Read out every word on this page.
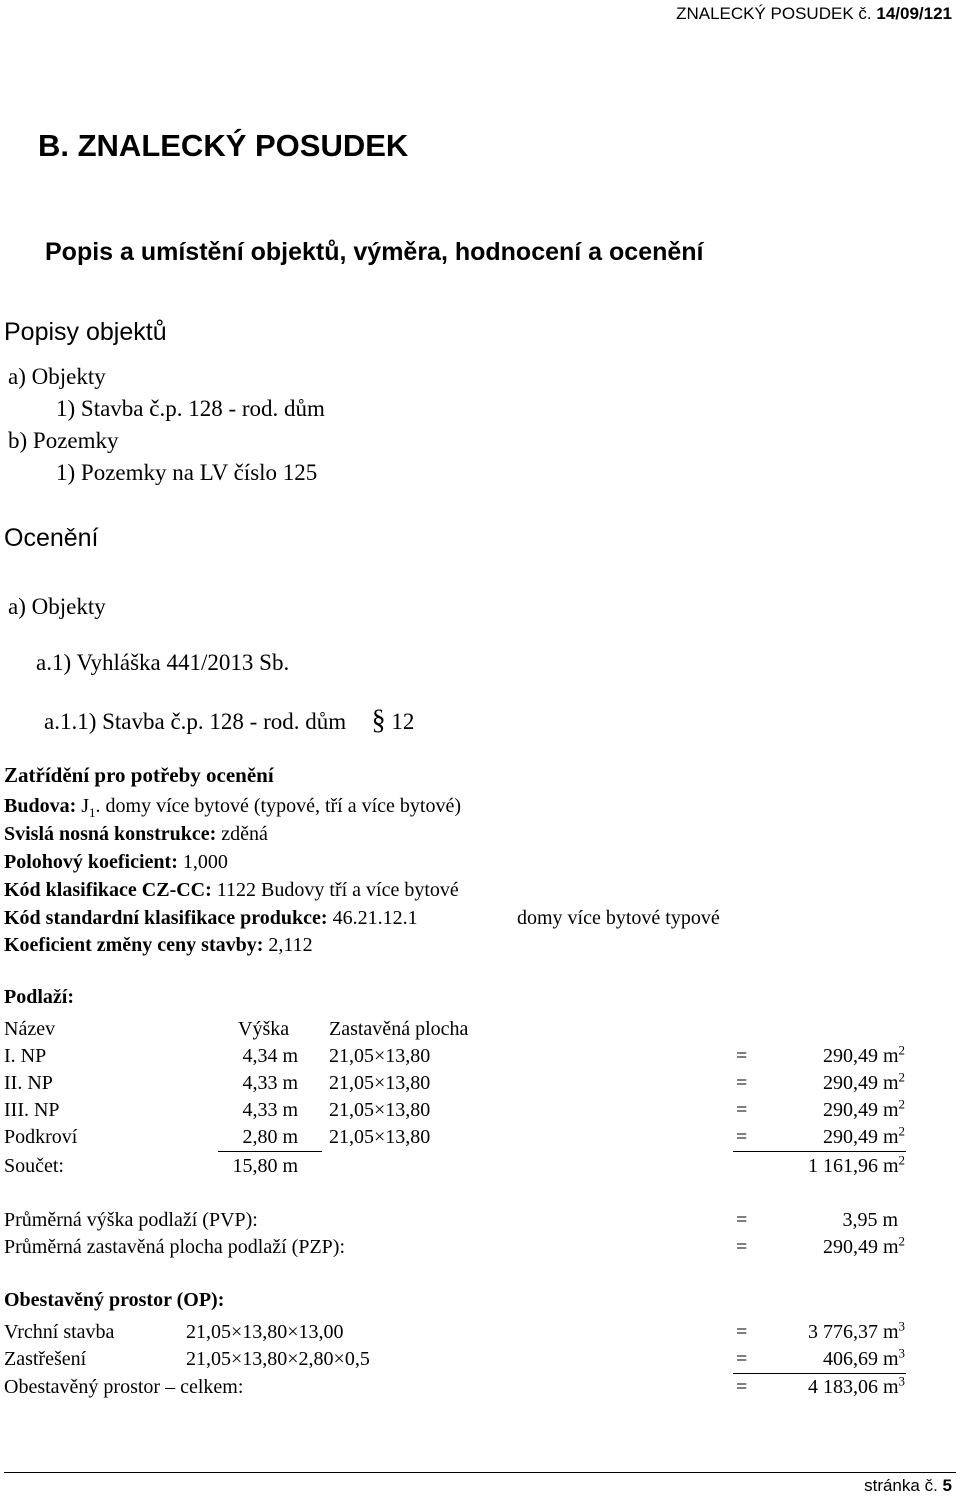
ZNALECKÝ POSUDEK č. 14/09/121
B. ZNALECKÝ POSUDEK
Popis a umístění objektů, výměra, hodnocení a ocenění
Popisy objektů
a) Objekty
1) Stavba č.p. 128 - rod. dům
b) Pozemky
1) Pozemky na LV číslo 125
Ocenění
a) Objekty
a.1) Vyhláška 441/2013 Sb.
a.1.1) Stavba č.p. 128 - rod. dům § 12
Zatřídění pro potřeby ocenění
Budova: $J_1$. domy více bytové (typové, tří a více bytové)
Svislá nosná konstrukce: zděná
Polohový koeficient: 1,000
Kód klasifikace CZ-CC: 1122 Budovy tří a více bytové
Kód standardní klasifikace produkce: 46.21.12.1	domy více bytové typové
Koeficient změny ceny stavby: 2,112
Podlaží:
Název	Výška Zastavěná plocha
I. NP	4,34 m 21,05×13,80	=	290,49 $m^2$
II. NP	4,33 m 21,05×13,80	=	290,49 $m^2$
III. NP	4,33 m 21,05×13,80	=	290,49 $m^2$
Podkroví	2,80 m 21,05×13,80	=	290,49 $m^2$
Součet:	15,80 m	1 161,96 $m^2$
Průměrná výška podlaží (PVP):	=	3,95 m
Průměrná zastavěná plocha podlaží (PZP):	=	290,49 $m^2$
Obestavěný prostor (OP):
Vrchní stavba	21,05×13,80×13,00	=	3 776,37 $m^3$
Zastřešení	21,05×13,80×2,80×0,5	=	406,69 $m^3$
Obestavěný prostor – celkem:	=	4 183,06 $m^3$
stránka č. 5
